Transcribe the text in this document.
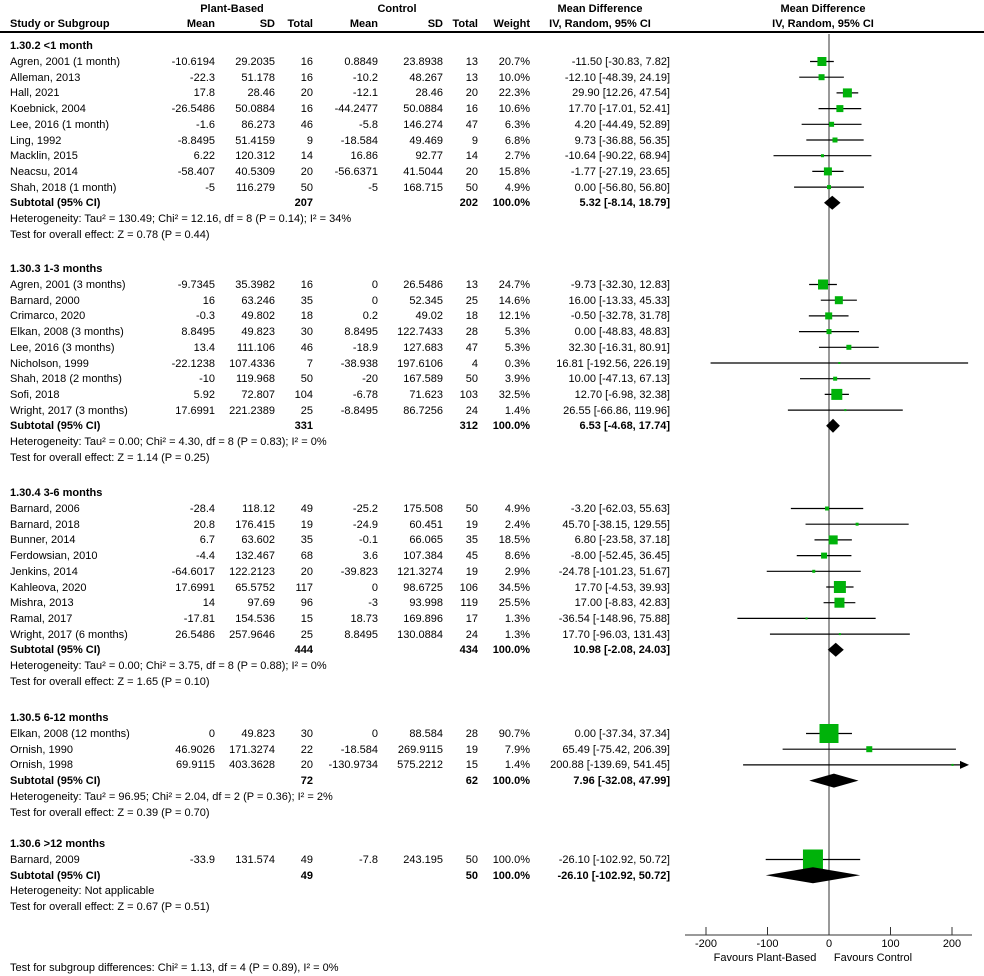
Plant-Based	Control	Mean Difference	Mean Difference
Study or Subgroup	Mean	SD	Total	Mean	SD Total	Weight	IV, Random, 95% CI	IV, Random, 95% CI
-200	-100	0	100	200
Favours Plant-Based Favours Control
1.30.2 <1 month
Agren, 2001 (1 month)	-10.6194	29.2035	16	0.8849	23.8938	13	20.7%	-11.50 [-30.83, 7.82]
Alleman, 2013	-22.3	51.178	16	-10.2	48.267	13	10.0%	-12.10 [-48.39, 24.19]
Hall, 2021	17.8	28.46	20	-12.1	28.46	20	22.3%	29.90 [12.26, 47.54]
Koebnick, 2004	-26.5486	50.0884	16	-44.2477	50.0884	16	10.6%	17.70 [-17.01, 52.41]
Lee, 2016 (1 month)	-1.6	86.273	46	-5.8	146.274	47	6.3%	4.20 [-44.49, 52.89]
Ling, 1992	-8.8495	51.4159	9	-18.584	49.469	9	6.8%	9.73 [-36.88, 56.35]
Macklin, 2015	6.22	120.312	14	16.86	92.77	14	2.7%	-10.64 [-90.22, 68.94]
Neacsu, 2014	-58.407	40.5309	20	-56.6371	41.5044	20	15.8%	-1.77 [-27.19, 23.65]
Shah, 2018 (1 month)	-5	116.279	50	-5	168.715	50	4.9%	0.00 [-56.80, 56.80]
Subtotal (95% CI)	207	202	100.0%	5.32 [-8.14, 18.79]
Heterogeneity: Tau² = 130.49; Chi² = 12.16, df = 8 (P = 0.14); I² = 34%
Test for overall effect: Z = 0.78 (P = 0.44)
1.30.3 1-3 months
Agren, 2001 (3 months)	-9.7345	35.3982	16	0	26.5486	13	24.7%	-9.73 [-32.30, 12.83]
Barnard, 2000	16	63.246	35	0	52.345	25	14.6%	16.00 [-13.33, 45.33]
Crimarco, 2020	-0.3	49.802	18	0.2	49.02	18	12.1%	-0.50 [-32.78, 31.78]
Elkan, 2008 (3 months)	8.8495	49.823	30	8.8495	122.7433	28	5.3%	0.00 [-48.83, 48.83]
Lee, 2016 (3 months)	13.4	111.106	46	-18.9	127.683	47	5.3%	32.30 [-16.31, 80.91]
Nicholson, 1999	-22.1238	107.4336	7	-38.938	197.6106	4	0.3%	16.81 [-192.56, 226.19]
Shah, 2018 (2 months)	-10	119.968	50	-20	167.589	50	3.9%	10.00 [-47.13, 67.13]
Sofi, 2018	5.92	72.807	104	-6.78	71.623	103	32.5%	12.70 [-6.98, 32.38]
Wright, 2017 (3 months)	17.6991	221.2389	25	-8.8495	86.7256	24	1.4%	26.55 [-66.86, 119.96]
Subtotal (95% CI)	331	312	100.0%	6.53 [-4.68, 17.74]
Heterogeneity: Tau² = 0.00; Chi² = 4.30, df = 8 (P = 0.83); I² = 0%
Test for overall effect: Z = 1.14 (P = 0.25)
1.30.4 3-6 months
Barnard, 2006	-28.4	118.12	49	-25.2	175.508	50	4.9%	-3.20 [-62.03, 55.63]
Barnard, 2018	20.8	176.415	19	-24.9	60.451	19	2.4%	45.70 [-38.15, 129.55]
Bunner, 2014	6.7	63.602	35	-0.1	66.065	35	18.5%	6.80 [-23.58, 37.18]
Ferdowsian, 2010	-4.4	132.467	68	3.6	107.384	45	8.6%	-8.00 [-52.45, 36.45]
Jenkins, 2014	-64.6017	122.2123	20	-39.823	121.3274	19	2.9%	-24.78 [-101.23, 51.67]
Kahleova, 2020	17.6991	65.5752	117	0	98.6725	106	34.5%	17.70 [-4.53, 39.93]
Mishra, 2013	14	97.69	96	-3	93.998	119	25.5%	17.00 [-8.83, 42.83]
Ramal, 2017	-17.81	154.536	15	18.73	169.896	17	1.3%	-36.54 [-148.96, 75.88]
Wright, 2017 (6 months)	26.5486	257.9646	25	8.8495	130.0884	24	1.3%	17.70 [-96.03, 131.43]
Subtotal (95% CI)	444	434	100.0%	10.98 [-2.08, 24.03]
Heterogeneity: Tau² = 0.00; Chi² = 3.75, df = 8 (P = 0.88); I² = 0%
Test for overall effect: Z = 1.65 (P = 0.10)
1.30.5 6-12 months
Elkan, 2008 (12 months)	0	49.823	30	0	88.584	28	90.7%	0.00 [-37.34, 37.34]
Ornish, 1990	46.9026	171.3274	22	-18.584	269.9115	19	7.9%	65.49 [-75.42, 206.39]
Ornish, 1998	69.9115	403.3628	20	-130.9734	575.2212	15	1.4%	200.88 [-139.69, 541.45]
Subtotal (95% CI)	72	62	100.0%	7.96 [-32.08, 47.99]
Heterogeneity: Tau² = 96.95; Chi² = 2.04, df = 2 (P = 0.36); I² = 2%
Test for overall effect: Z = 0.39 (P = 0.70)
1.30.6 >12 months
Barnard, 2009	-33.9	131.574	49	-7.8	243.195	50	100.0%	-26.10 [-102.92, 50.72]
Subtotal (95% CI)	49	50	100.0%	-26.10 [-102.92, 50.72]
Heterogeneity: Not applicable
Test for overall effect: Z = 0.67 (P = 0.51)
Test for subgroup differences: Chi² = 1.13, df = 4 (P = 0.89), I² = 0%
